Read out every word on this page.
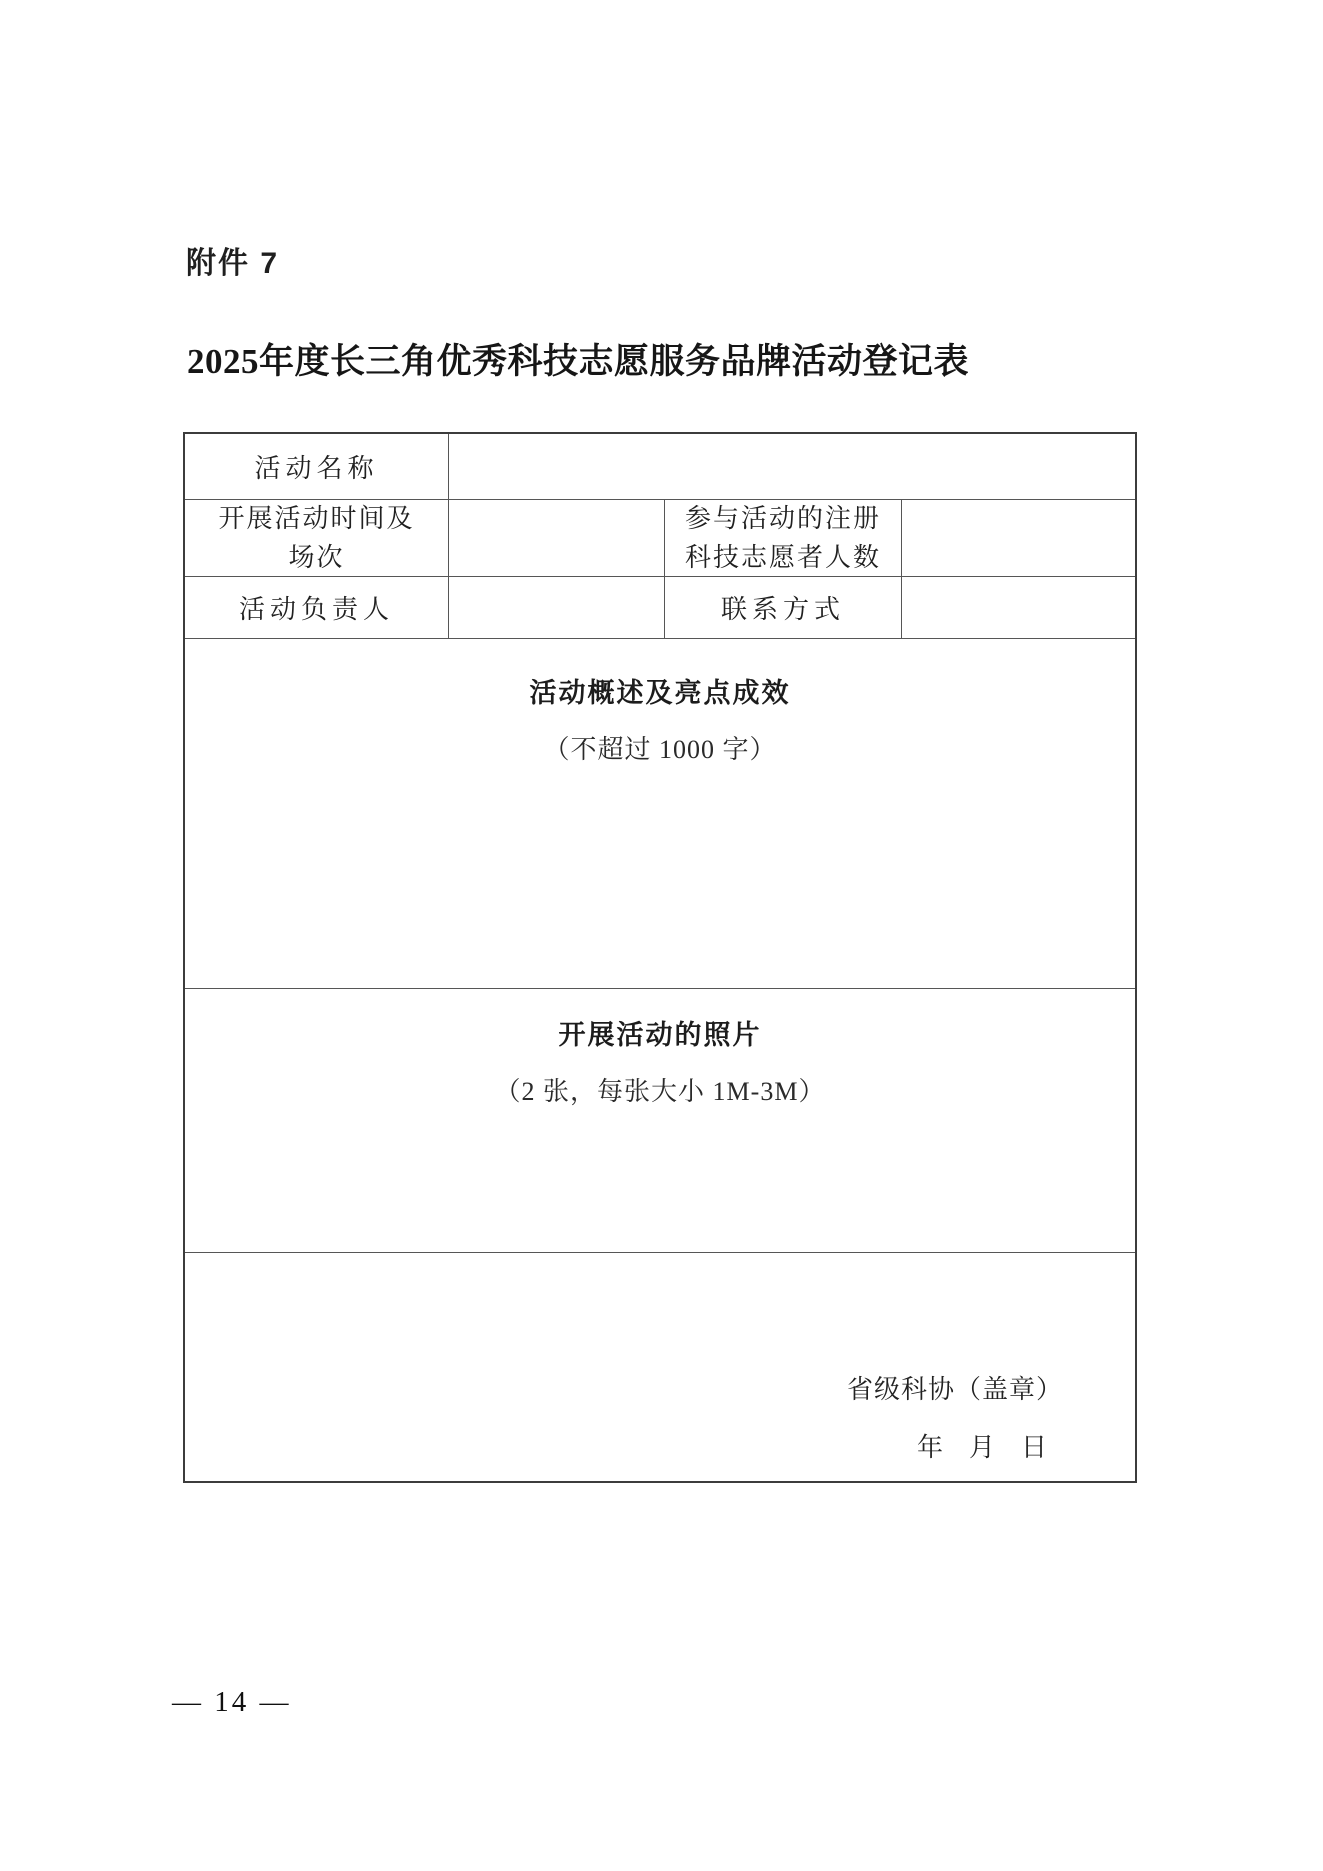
附件 7
2025年度长三角优秀科技志愿服务品牌活动登记表
活动名称
开展活动时间及场次
参与活动的注册科技志愿者人数
活动负责人	联系方式
活动概述及亮点成效
（不超过 1000 字）
开展活动的照片
（2 张，每张大小 1M-3M）
省级科协（盖章）
年　月　日
— 14 —
